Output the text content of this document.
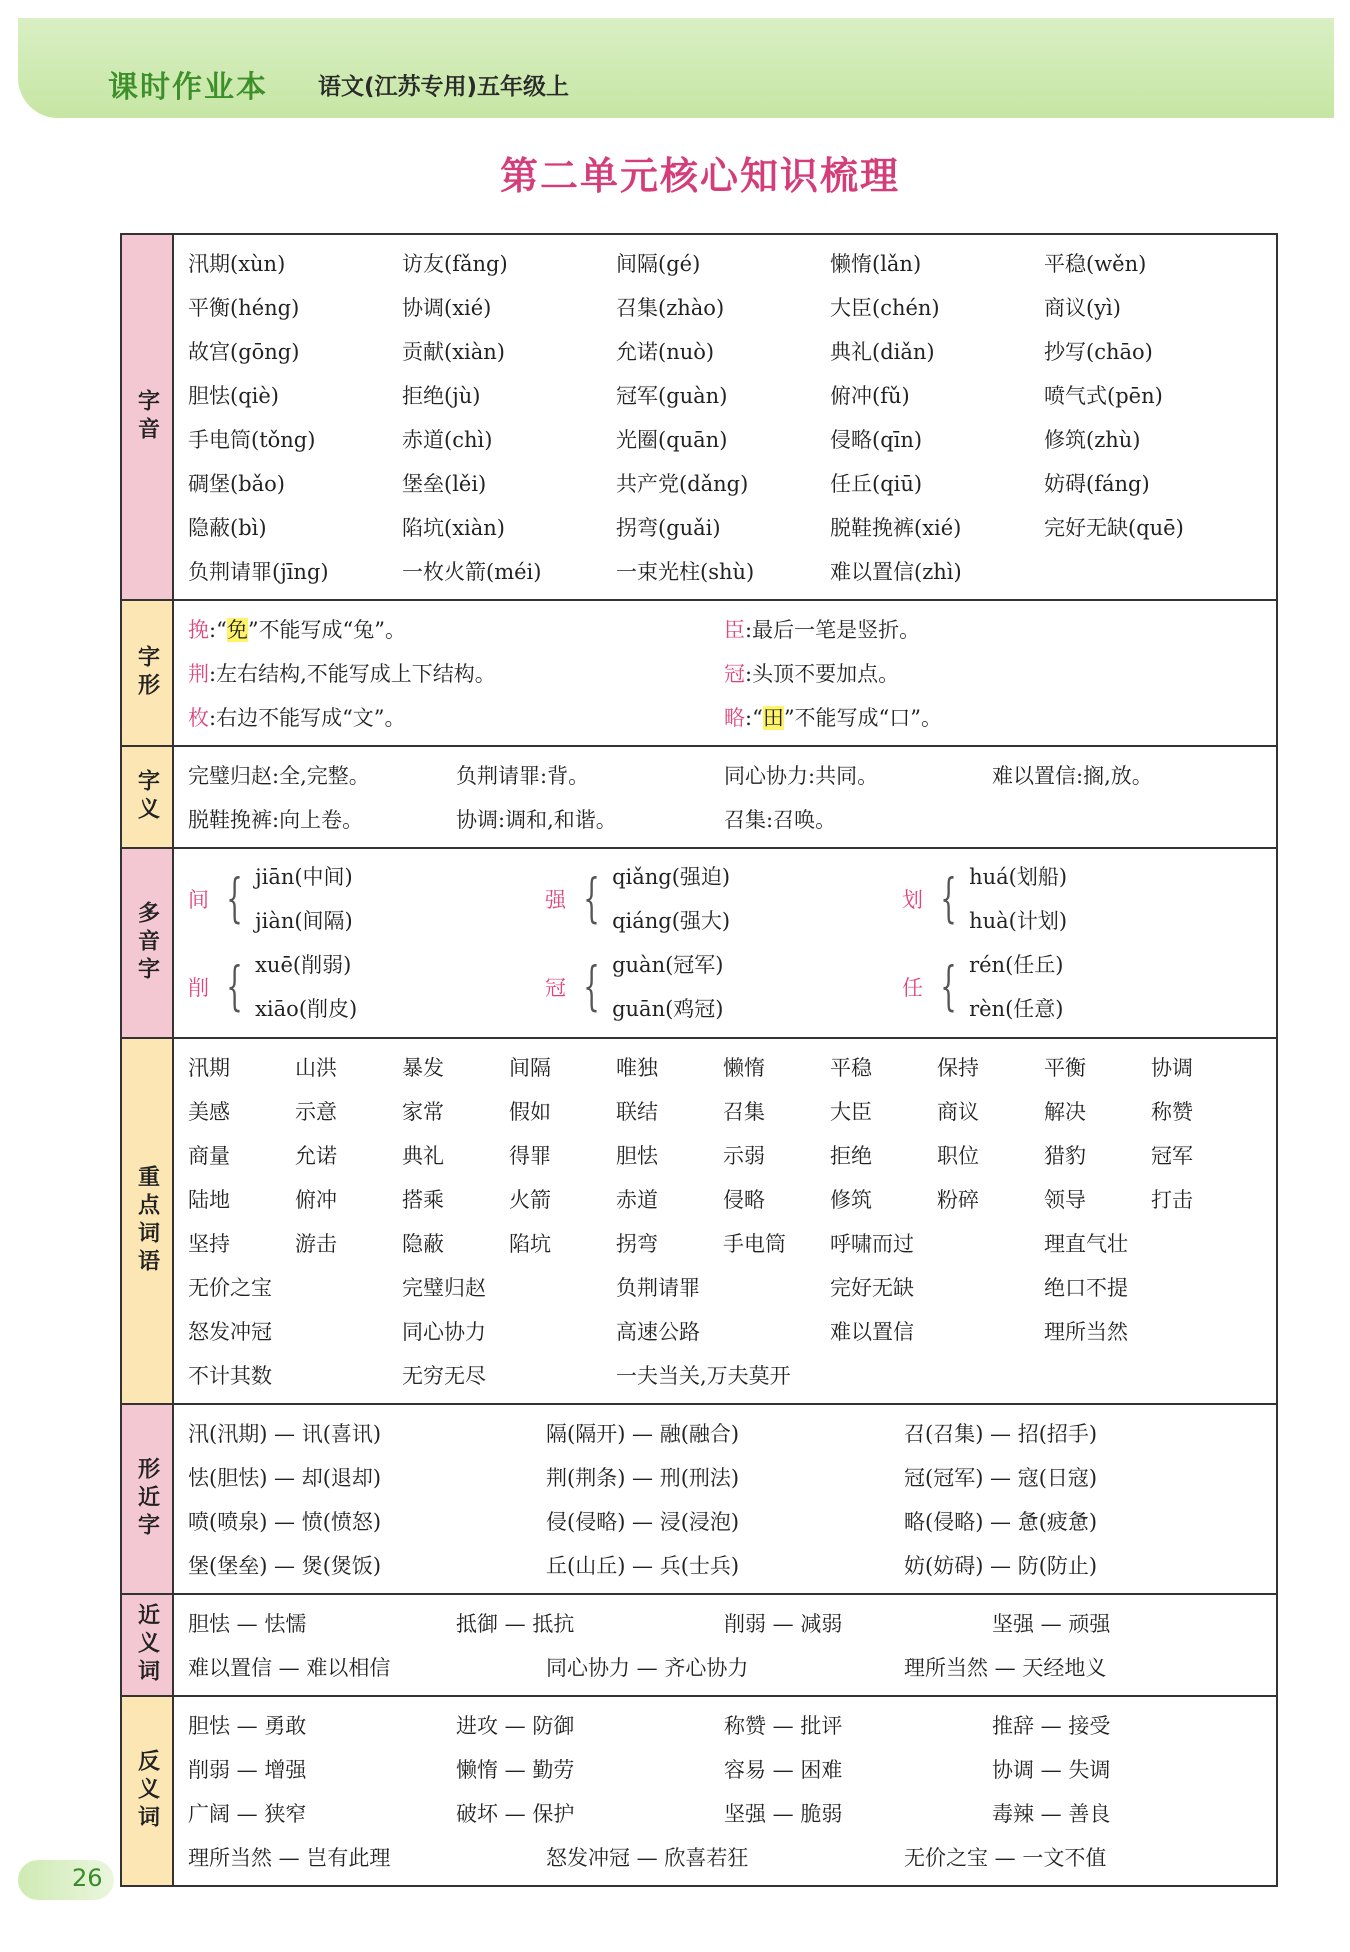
课时作业本 语文(江苏专用)五年级上
第二单元核心知识梳理
字音
汛期(xùn)	访友(fǎng)	间隔(gé)	懒惰(lǎn)	平稳(wěn)
平衡(héng)	协调(xié)	召集(zhào)	大臣(chén)	商议(yì)
故宫(gōng)	贡献(xiàn)	允诺(nuò)	典礼(diǎn)	抄写(chāo)
胆怯(qiè)	拒绝(jù)	冠军(guàn)	俯冲(fǔ)	喷气式(pēn)
手电筒(tǒng)	赤道(chì)	光圈(quān)	侵略(qīn)	修筑(zhù)
碉堡(bǎo)	堡垒(lěi)	共产党(dǎng)	任丘(qiū)	妨碍(fáng)
隐蔽(bì)	陷坑(xiàn)	拐弯(guǎi)	脱鞋挽裤(xié)	完好无缺(quē)
负荆请罪(jīng)	一枚火箭(méi)	一束光柱(shù)	难以置信(zhì)
字形
挽:“免”不能写成“兔”。	臣:最后一笔是竖折。
荆:左右结构,不能写成上下结构。	冠:头顶不要加点。
枚:右边不能写成“文”。	略:“田”不能写成“口”。
字义 完璧归赵:全,完整。	负荆请罪:背。	同心协力:共同。	难以置信:搁,放。
脱鞋挽裤:向上卷。	协调:调和,和谐。	召集:召唤。
多音字
间 { jiān(中间)
jiàn(间隔)
强 { qiǎng(强迫)
qiáng(强大)
划 { huá(划船)
huà(计划)
削 { xuē(削弱)
xiāo(削皮)
冠 { guàn(冠军)
guān(鸡冠)
任 { rén(任丘)
rèn(任意)
重点词语
汛期	山洪	暴发	间隔	唯独	懒惰	平稳	保持	平衡	协调
美感	示意	家常	假如	联结	召集	大臣	商议	解决	称赞
商量	允诺	典礼	得罪	胆怯	示弱	拒绝	职位	猎豹	冠军
陆地	俯冲	搭乘	火箭	赤道	侵略	修筑	粉碎	领导	打击
坚持	游击	隐蔽	陷坑	拐弯	手电筒	呼啸而过	理直气壮
无价之宝	完璧归赵	负荆请罪	完好无缺	绝口不提
怒发冲冠	同心协力	高速公路	难以置信	理所当然
不计其数	无穷无尽	一夫当关,万夫莫开
形近字
汛(汛期) — 讯(喜讯)	隔(隔开) — 融(融合)	召(召集) — 招(招手)
怯(胆怯) — 却(退却)	荆(荆条) — 刑(刑法)	冠(冠军) — 寇(日寇)
喷(喷泉) — 愤(愤怒)	侵(侵略) — 浸(浸泡)	略(侵略) — 惫(疲惫)
堡(堡垒) — 煲(煲饭)	丘(山丘) — 兵(士兵)	妨(妨碍) — 防(防止)
近义词 胆怯 — 怯懦	抵御 — 抵抗	削弱 — 减弱	坚强 — 顽强
难以置信 — 难以相信	同心协力 — 齐心协力	理所当然 — 天经地义
反义词
胆怯 — 勇敢	进攻 — 防御	称赞 — 批评	推辞 — 接受
削弱 — 增强	懒惰 — 勤劳	容易 — 困难	协调 — 失调
广阔 — 狭窄	破坏 — 保护	坚强 — 脆弱	毒辣 — 善良
理所当然 — 岂有此理	怒发冲冠 — 欣喜若狂	无价之宝 — 一文不值
26
